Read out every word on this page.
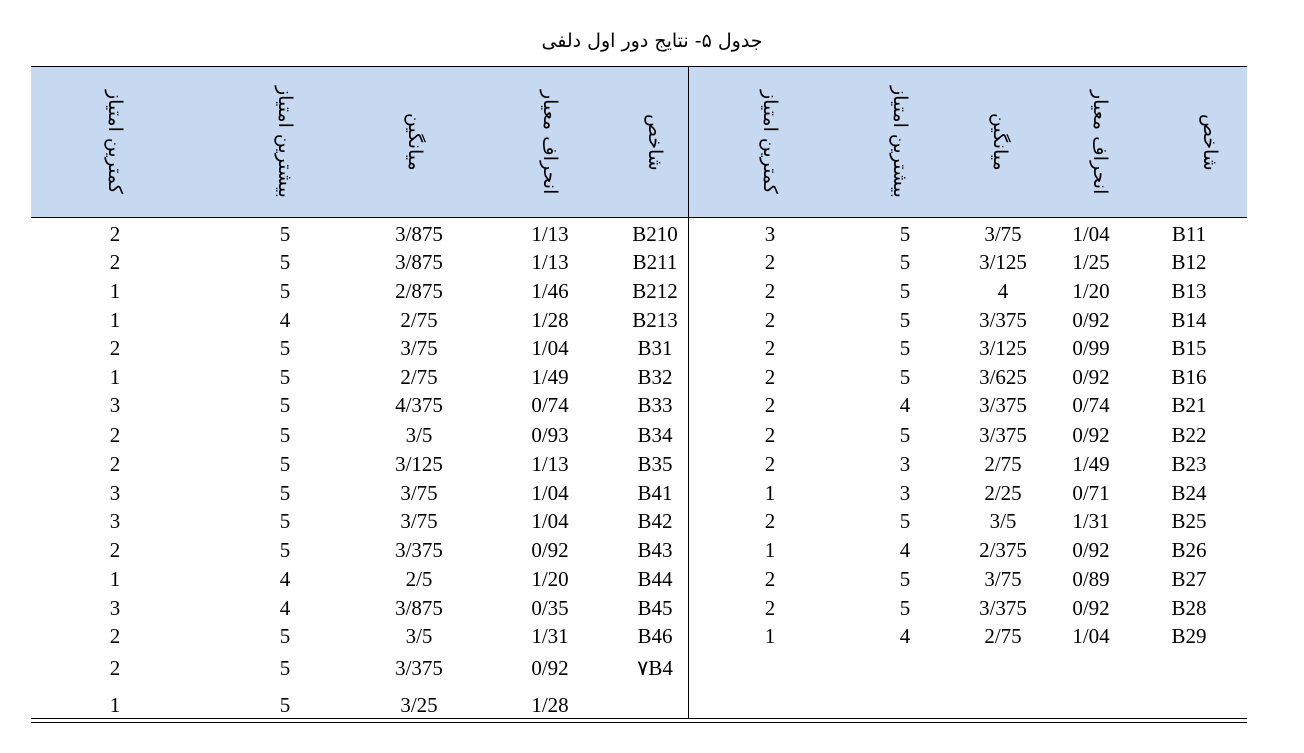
جدول ۵- نتایج دور اول دلفی
شاخص
انحراف معیار
میانگین
بیشترین امتیاز
کمترین امتیاز
شاخص
انحراف معیار
میانگین
بیشترین امتیاز
کمترین امتیاز
B11
1/04
3/75
5
3
B12
1/25
3/125
5
2
B13
1/20
4
5
2
B14
0/92
3/375
5
2
B15
0/99
3/125
5
2
B16
0/92
3/625
5
2
B21
0/74
3/375
4
2
B22
0/92
3/375
5
2
B23
1/49
2/75
3
2
B24
0/71
2/25
3
1
B25
1/31
3/5
5
2
B26
0/92
2/375
4
1
B27
0/89
3/75
5
2
B28
0/92
3/375
5
2
B29
1/04
2/75
4
1
B210
1/13
3/875
5
2
B211
1/13
3/875
5
2
B212
1/46
2/875
5
1
B213
1/28
2/75
4
1
B31
1/04
3/75
5
2
B32
1/49
2/75
5
1
B33
0/74
4/375
5
3
B34
0/93
3/5
5
2
B35
1/13
3/125
5
2
B41
1/04
3/75
5
3
B42
1/04
3/75
5
3
B43
0/92
3/375
5
2
B44
1/20
2/5
4
1
B45
0/35
3/875
4
3
B46
1/31
3/5
5
2
۷B4
0/92
3/375
5
2
1/28
3/25
5
1
